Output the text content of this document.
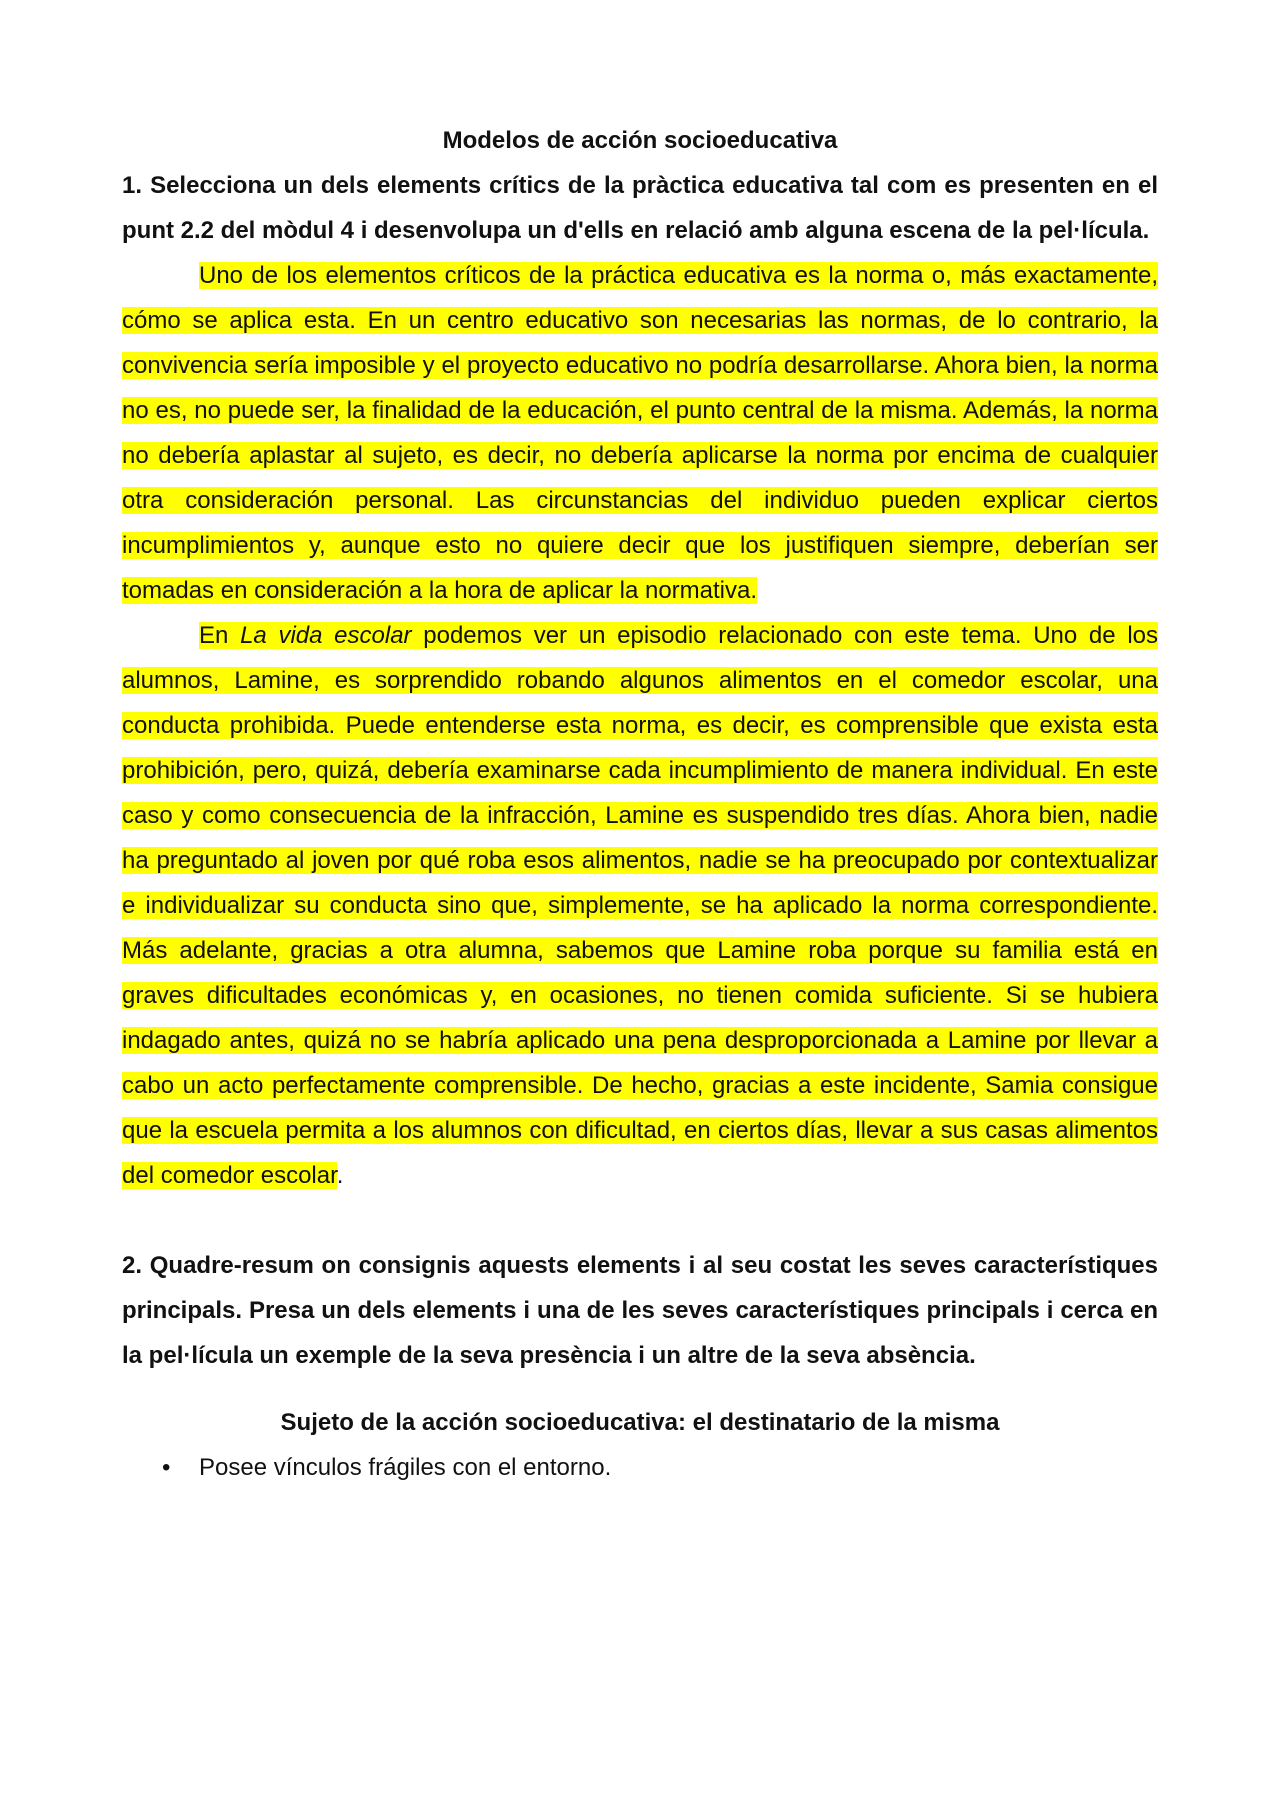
Modelos de acción socioeducativa

1. Selecciona un dels elements crítics de la pràctica educativa tal com es presenten en el punt 2.2 del mòdul 4 i desenvolupa un d'ells en relació amb alguna escena de la pel·lícula.

Uno de los elementos críticos de la práctica educativa es la norma o, más exactamente, cómo se aplica esta. En un centro educativo son necesarias las normas, de lo contrario, la convivencia sería imposible y el proyecto educativo no podría desarrollarse. Ahora bien, la norma no es, no puede ser, la finalidad de la educación, el punto central de la misma. Además, la norma no debería aplastar al sujeto, es decir, no debería aplicarse la norma por encima de cualquier otra consideración personal. Las circunstancias del individuo pueden explicar ciertos incumplimientos y, aunque esto no quiere decir que los justifiquen siempre, deberían ser tomadas en consideración a la hora de aplicar la normativa.

En La vida escolar podemos ver un episodio relacionado con este tema. Uno de los alumnos, Lamine, es sorprendido robando algunos alimentos en el comedor escolar, una conducta prohibida. Puede entenderse esta norma, es decir, es comprensible que exista esta prohibición, pero, quizá, debería examinarse cada incumplimiento de manera individual. En este caso y como consecuencia de la infracción, Lamine es suspendido tres días. Ahora bien, nadie ha preguntado al joven por qué roba esos alimentos, nadie se ha preocupado por contextualizar e individualizar su conducta sino que, simplemente, se ha aplicado la norma correspondiente. Más adelante, gracias a otra alumna, sabemos que Lamine roba porque su familia está en graves dificultades económicas y, en ocasiones, no tienen comida suficiente. Si se hubiera indagado antes, quizá no se habría aplicado una pena desproporcionada a Lamine por llevar a cabo un acto perfectamente comprensible. De hecho, gracias a este incidente, Samia consigue que la escuela permita a los alumnos con dificultad, en ciertos días, llevar a sus casas alimentos del comedor escolar.

2. Quadre-resum on consignis aquests elements i al seu costat les seves característiques principals. Presa un dels elements i una de les seves característiques principals i cerca en la pel·lícula un exemple de la seva presència i un altre de la seva absència.

Sujeto de la acción socioeducativa: el destinatario de la misma

• Posee vínculos frágiles con el entorno.
